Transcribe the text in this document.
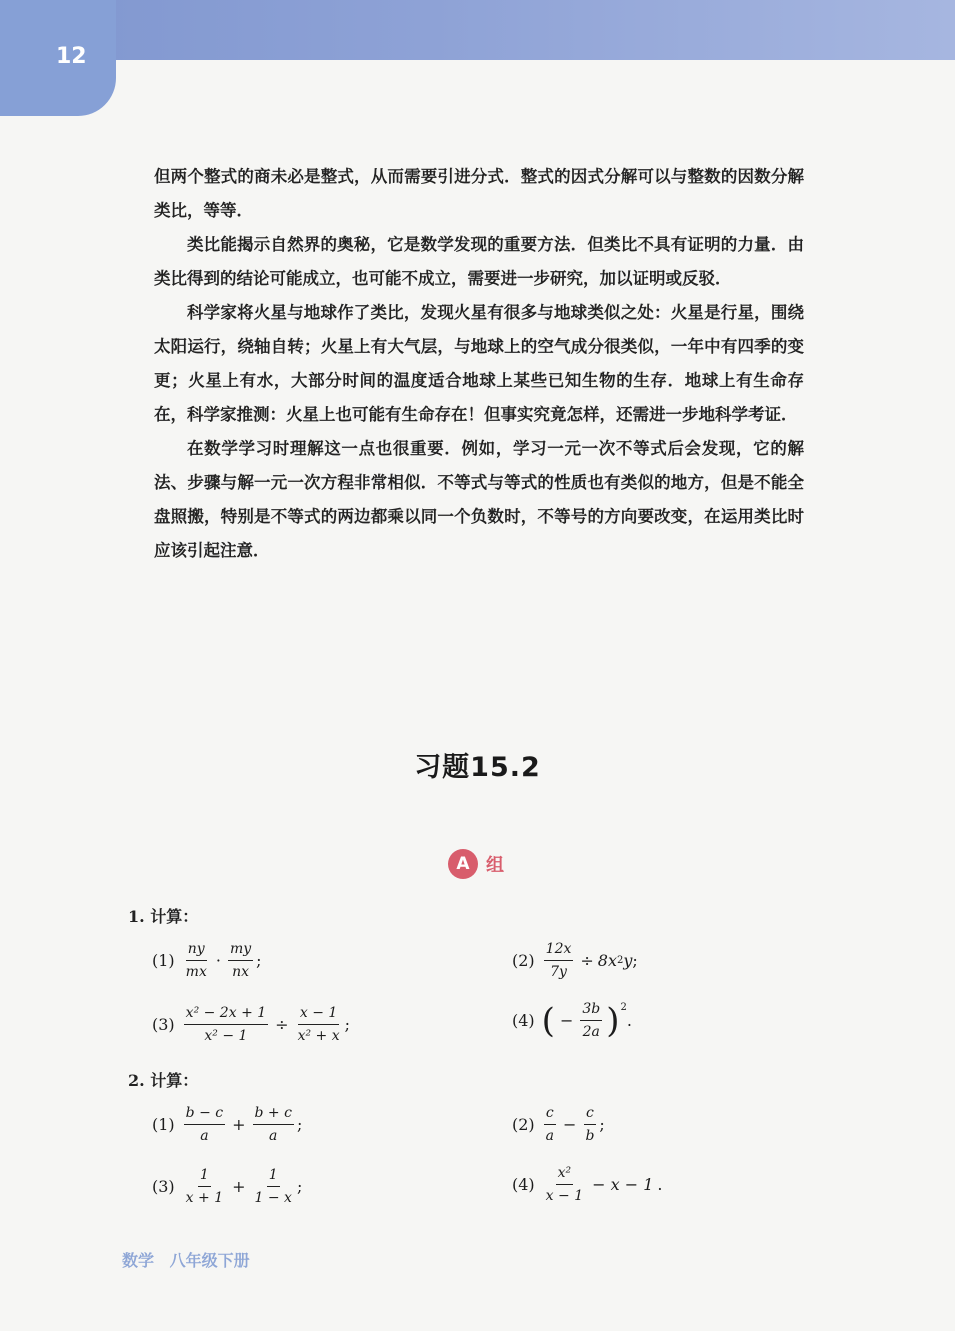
12

但两个整式的商未必是整式，从而需要引进分式．整式的因式分解可以与整数的因数分解类比，等等．

类比能揭示自然界的奥秘，它是数学发现的重要方法．但类比不具有证明的力量．由类比得到的结论可能成立，也可能不成立，需要进一步研究，加以证明或反驳．

科学家将火星与地球作了类比，发现火星有很多与地球类似之处：火星是行星，围绕太阳运行，绕轴自转；火星上有大气层，与地球上的空气成分很类似，一年中有四季的变更；火星上有水，大部分时间的温度适合地球上某些已知生物的生存．地球上有生命存在，科学家推测：火星上也可能有生命存在！但事实究竟怎样，还需进一步地科学考证．

在数学学习时理解这一点也很重要．例如，学习一元一次不等式后会发现，它的解法、步骤与解一元一次方程非常相似．不等式与等式的性质也有类似的地方，但是不能全盘照搬，特别是不等式的两边都乘以同一个负数时，不等号的方向要改变，在运用类比时应该引起注意．

习题15.2
A 组
1. 计算：
$(1) \frac{ny}{mx} \cdot \frac{my}{nx}$ ;	$(2) \frac{12x}{7y} \div 8x$ 2 y ;
$(3) \frac{\text{x² − 2x + 1}}{\text{x² − 1}} \div \frac{x - 1}{\text{x² + x}}$ ;	(4) ( − $\frac{3b}{2a} )^2$
.
2. 计算：
$(1) \frac{b - c}{a} + \frac{b + c}{a}$ ;	$(2) \frac{c}{a} - \frac{c}{b}$ ;
$(3) \frac{1}{x + 1} + \frac{1}{1 - x}$ ;	$(4) \frac{\text{x²}}{x - 1} - x - 1$ .
数学 八年级下册
